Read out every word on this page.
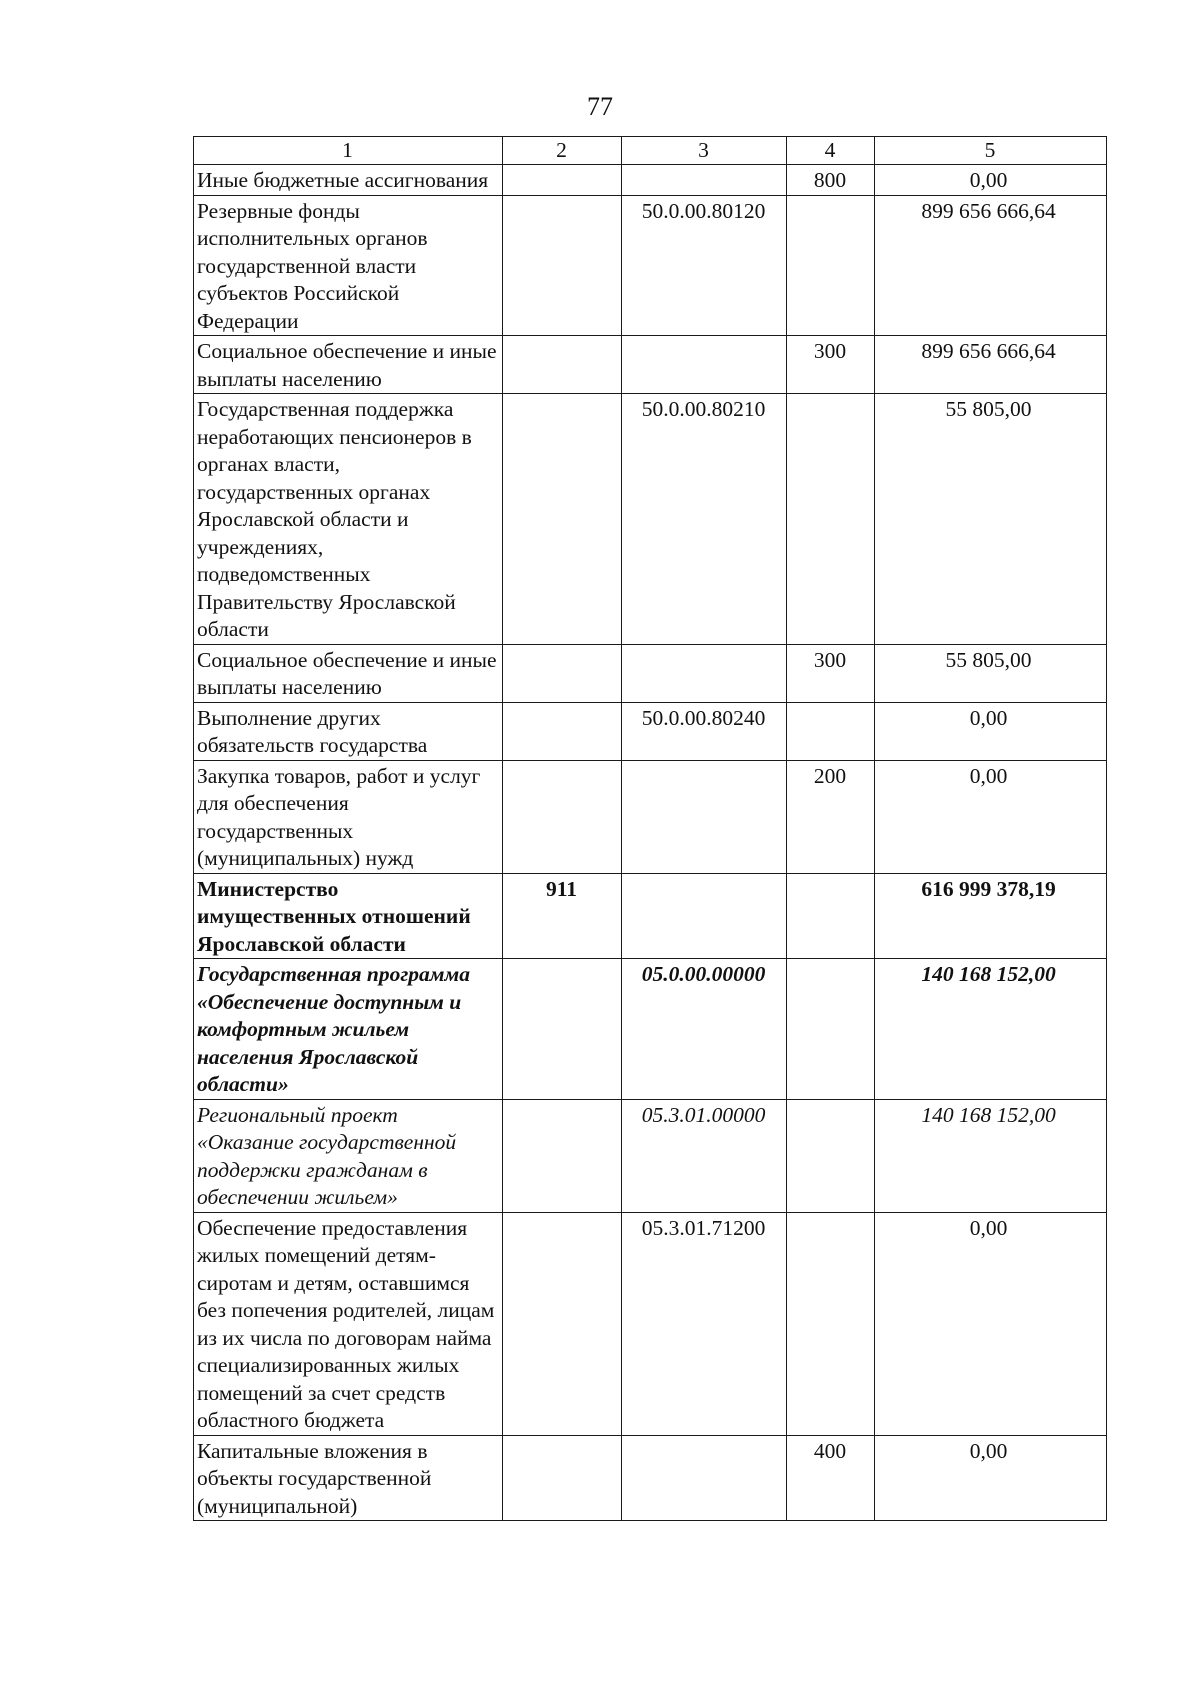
77
1	2	3	4	5
Иные бюджетные ассигнования			800	0,00
Резервные фонды исполнительных органов государственной власти субъектов Российской Федерации		50.0.00.80120		899 656 666,64
Социальное обеспечение и иные выплаты населению			300	899 656 666,64
Государственная поддержка неработающих пенсионеров в органах власти, государственных органах Ярославской области и учреждениях, подведомственных Правительству Ярославской области		50.0.00.80210		55 805,00
Социальное обеспечение и иные выплаты населению			300	55 805,00
Выполнение других обязательств государства		50.0.00.80240		0,00
Закупка товаров, работ и услуг для обеспечения государственных (муниципальных) нужд			200	0,00
Министерство имущественных отношений Ярославской области	911			616 999 378,19
Государственная программа «Обеспечение доступным и комфортным жильем населения Ярославской области»		05.0.00.00000		140 168 152,00
Региональный проект «Оказание государственной поддержки гражданам в обеспечении жильем»		05.3.01.00000		140 168 152,00
Обеспечение предоставления жилых помещений детям-сиротам и детям, оставшимся без попечения родителей, лицам из их числа по договорам найма специализированных жилых помещений за счет средств областного бюджета		05.3.01.71200		0,00
Капитальные вложения в объекты государственной (муниципальной)			400	0,00
